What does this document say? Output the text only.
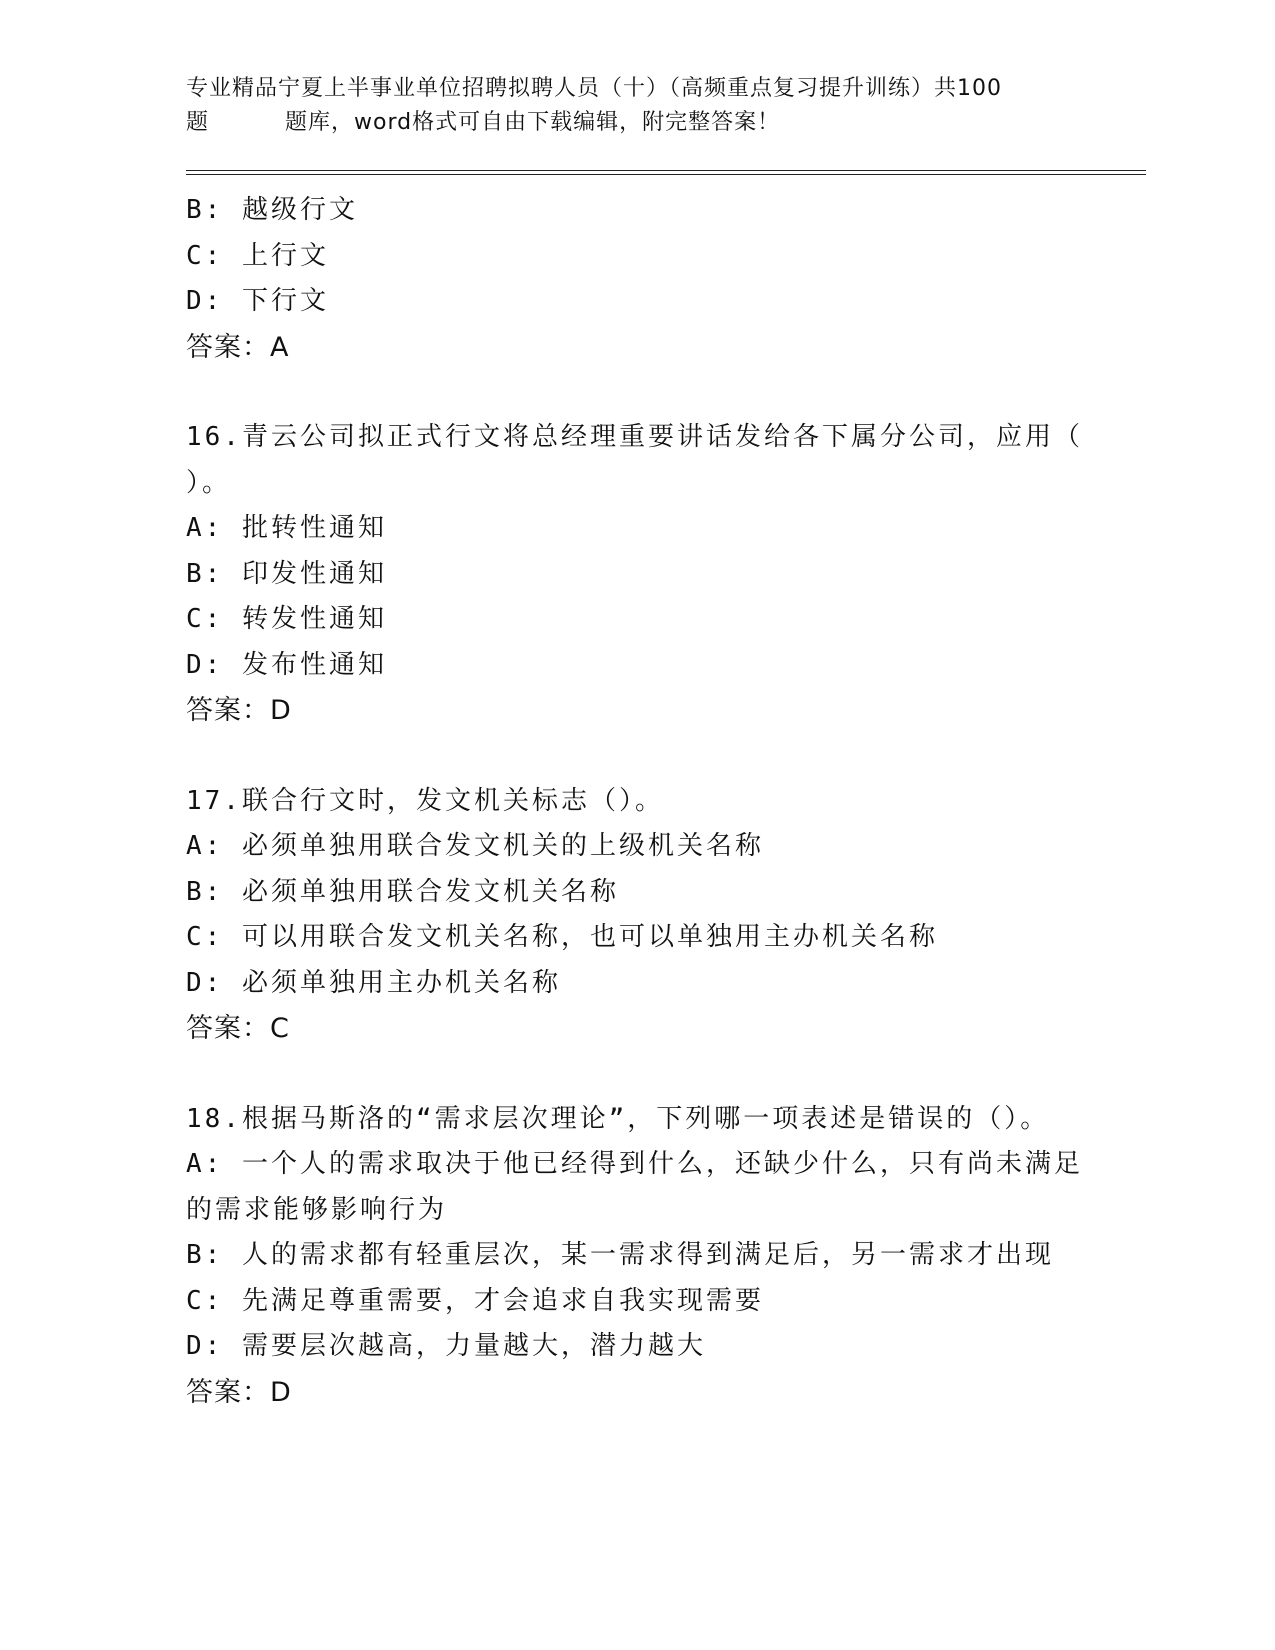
专业精品宁夏上半事业单位招聘拟聘人员（十）（高频重点复习提升训练）共100
题	题库，word格式可自由下载编辑，附完整答案！
B: 越级行文
C: 上行文
D: 下行文
答案：A
16.青云公司拟正式行文将总经理重要讲话发给各下属分公司，应用（
）。
A: 批转性通知
B: 印发性通知
C: 转发性通知
D: 发布性通知
答案：D
17.联合行文时，发文机关标志（）。
A: 必须单独用联合发文机关的上级机关名称
B: 必须单独用联合发文机关名称
C: 可以用联合发文机关名称，也可以单独用主办机关名称
D: 必须单独用主办机关名称
答案：C
18.根据马斯洛的“需求层次理论”，下列哪一项表述是错误的（）。
A: 一个人的需求取决于他已经得到什么，还缺少什么，只有尚未满足
的需求能够影响行为
B: 人的需求都有轻重层次，某一需求得到满足后，另一需求才出现
C: 先满足尊重需要，才会追求自我实现需要
D: 需要层次越高，力量越大，潜力越大
答案：D
